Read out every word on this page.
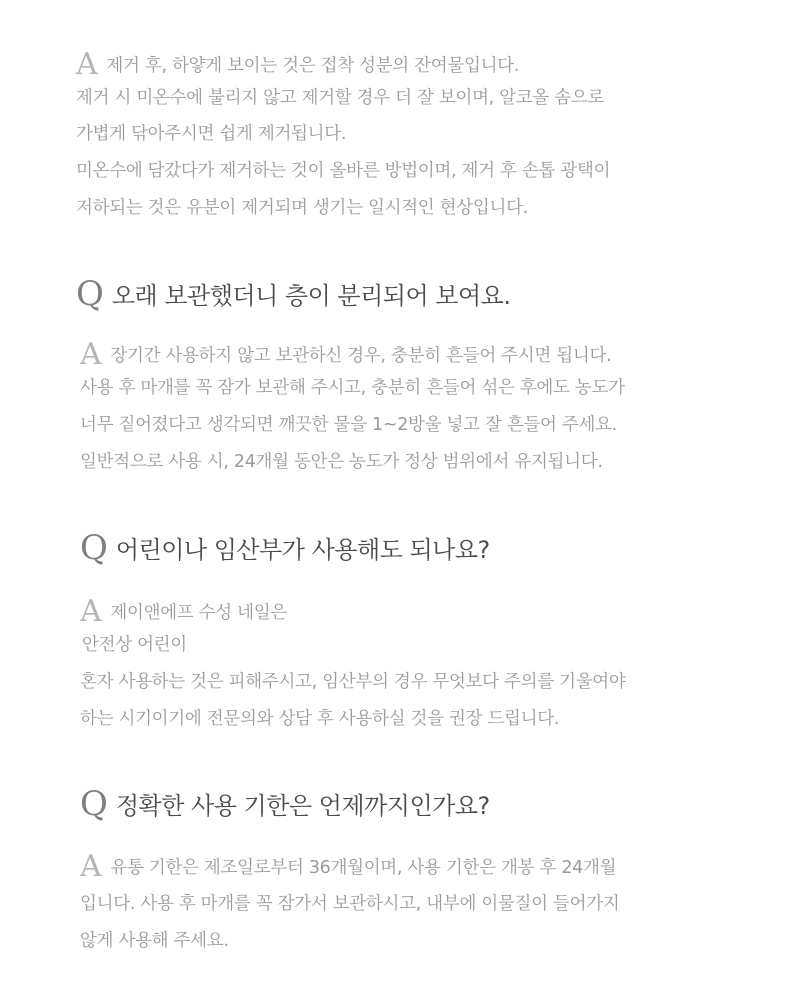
A제거 후, 하얗게 보이는 것은 접착 성분의 잔여물입니다.
제거 시 미온수에 불리지 않고 제거할 경우 더 잘 보이며, 알코올 솜으로
가볍게 닦아주시면 쉽게 제거됩니다.
미온수에 담갔다가 제거하는 것이 올바른 방법이며, 제거 후 손톱 광택이
저하되는 것은 유분이 제거되며 생기는 일시적인 현상입니다.
Q 오래 보관했더니 층이 분리되어 보여요.
A장기간 사용하지 않고 보관하신 경우, 충분히 흔들어 주시면 됩니다.
사용 후 마개를 꼭 잠가 보관해 주시고, 충분히 흔들어 섞은 후에도 농도가
너무 짙어졌다고 생각되면 깨끗한 물을 1~2방울 넣고 잘 흔들어 주세요.
일반적으로 사용 시, 24개월 동안은 농도가 정상 범위에서 유지됩니다.
Q 어린이나 임산부가 사용해도 되나요?
A제이앤에프 수성 네일은
안전상 어린이
혼자 사용하는 것은 피해주시고, 임산부의 경우 무엇보다 주의를 기울여야
하는 시기이기에 전문의와 상담 후 사용하실 것을 권장 드립니다.
Q 정확한 사용 기한은 언제까지인가요?
A유통 기한은 제조일로부터 36개월이며, 사용 기한은 개봉 후 24개월
입니다. 사용 후 마개를 꼭 잠가서 보관하시고, 내부에 이물질이 들어가지
않게 사용해 주세요.
